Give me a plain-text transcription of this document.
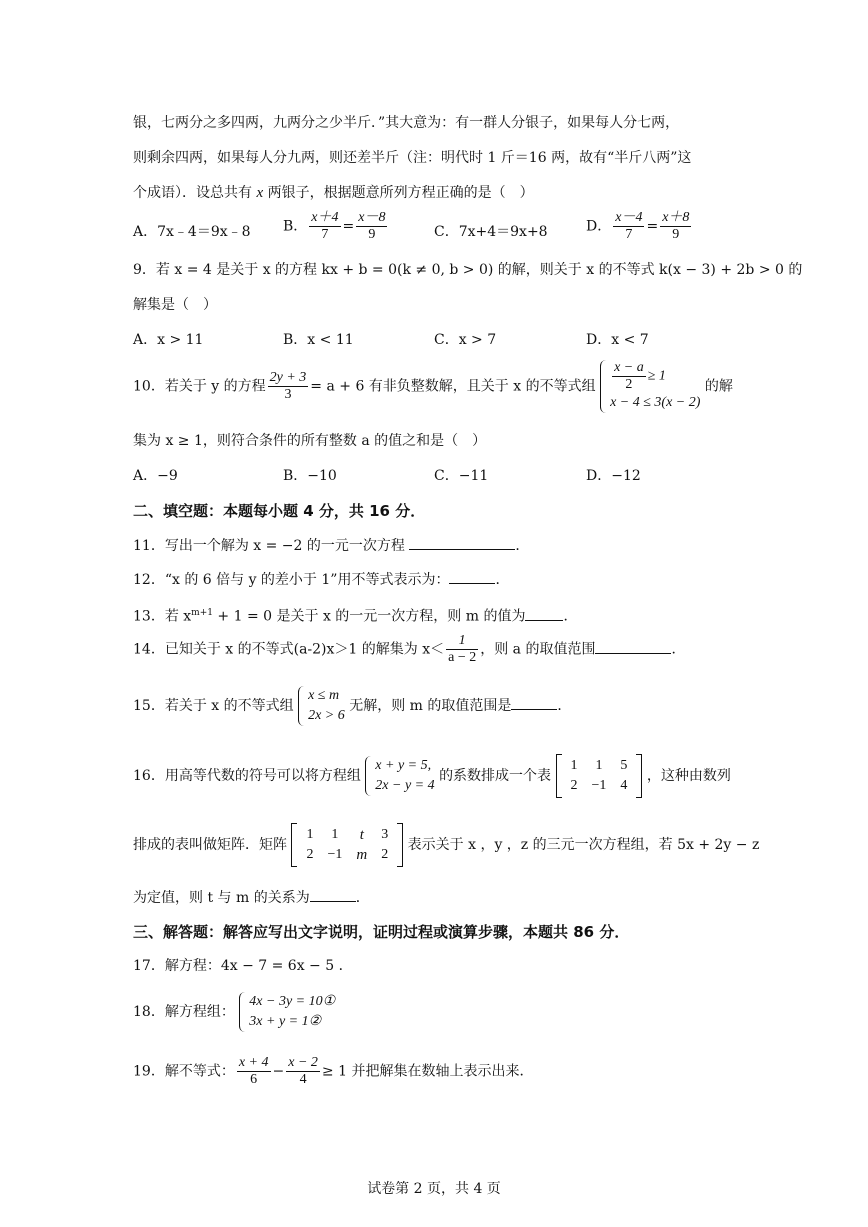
银，七两分之多四两，九两分之少半斤．”其大意为：有一群人分银子，如果每人分七两，
则剩余四两，如果每人分九两，则还差半斤（注：明代时 1 斤＝16 两，故有“半斤八两”这
个成语）．设总共有 x 两银子，根据题意所列方程正确的是（　）
A．7x﹣4＝9x﹣8 B． $\frac{x+4}{7} = \frac{x-8}{9}$	C．7x+4＝9x+8	D． $\frac{x-4}{7} = \frac{x+8}{9}$
9．若 x = 4 是关于 x 的方程 kx + b = 0(k ≠ 0, b > 0) 的解，则关于 x 的不等式 k(x − 3) + 2b > 0 的
解集是（　）
A．x > 11	B．x < 11	C．x > 7	D．x < 7
10．若关于 y 的方程 $\frac{2y + 3}{3} = a + 6$ 有非负整数解，且关于 x 的不等式组 $\frac{x - a}{2} \ge 1$
x − 4 ≤ 3(x − 2)
的解
集为 x ≥ 1，则符合条件的所有整数 a 的值之和是（　）
A．−9	B．−10	C．−11	D．−12
二、填空题：本题每小题 4 分，共 16 分．
11．写出一个解为 x = −2 的一元一次方程	．
12．“x 的 6 倍与 y 的差小于 1”用不等式表示为：	．
13．若 $x^{m+1} + 1 = 0$ 是关于 x 的一元一次方程，则 m 的值为	．
14．已知关于 x 的不等式(a-2)x＞1 的解集为 $x< \frac{1}{a - 2}$ ，则 a 的取值范围	．
15．若关于 x 的不等式组
x ≤ m
2x > 6
无解，则 m 的取值范围是	．
16．用高等代数的符号可以将方程组
x + y = 5,
2x − y = 4
的系数排成一个表
1	1	5
2	−1	4
，这种由数列
排成的表叫做矩阵．矩阵
1	1	t	3
2	−1	m	2
表示关于 x ，y ，z 的三元一次方程组，若 5x + 2y − z
为定值，则 t 与 m 的关系为	．
三、解答题：解答应写出文字说明，证明过程或演算步骤，本题共 86 分．
17．解方程：4x − 7 = 6x − 5 ．
18．解方程组：
4x − 3y = 10①
3x + y = 1②
19．解不等式： $\frac{x + 4}{6} - \frac{x - 2}{4} \ge 1$ 并把解集在数轴上表示出来．
试卷第 2 页，共 4 页
